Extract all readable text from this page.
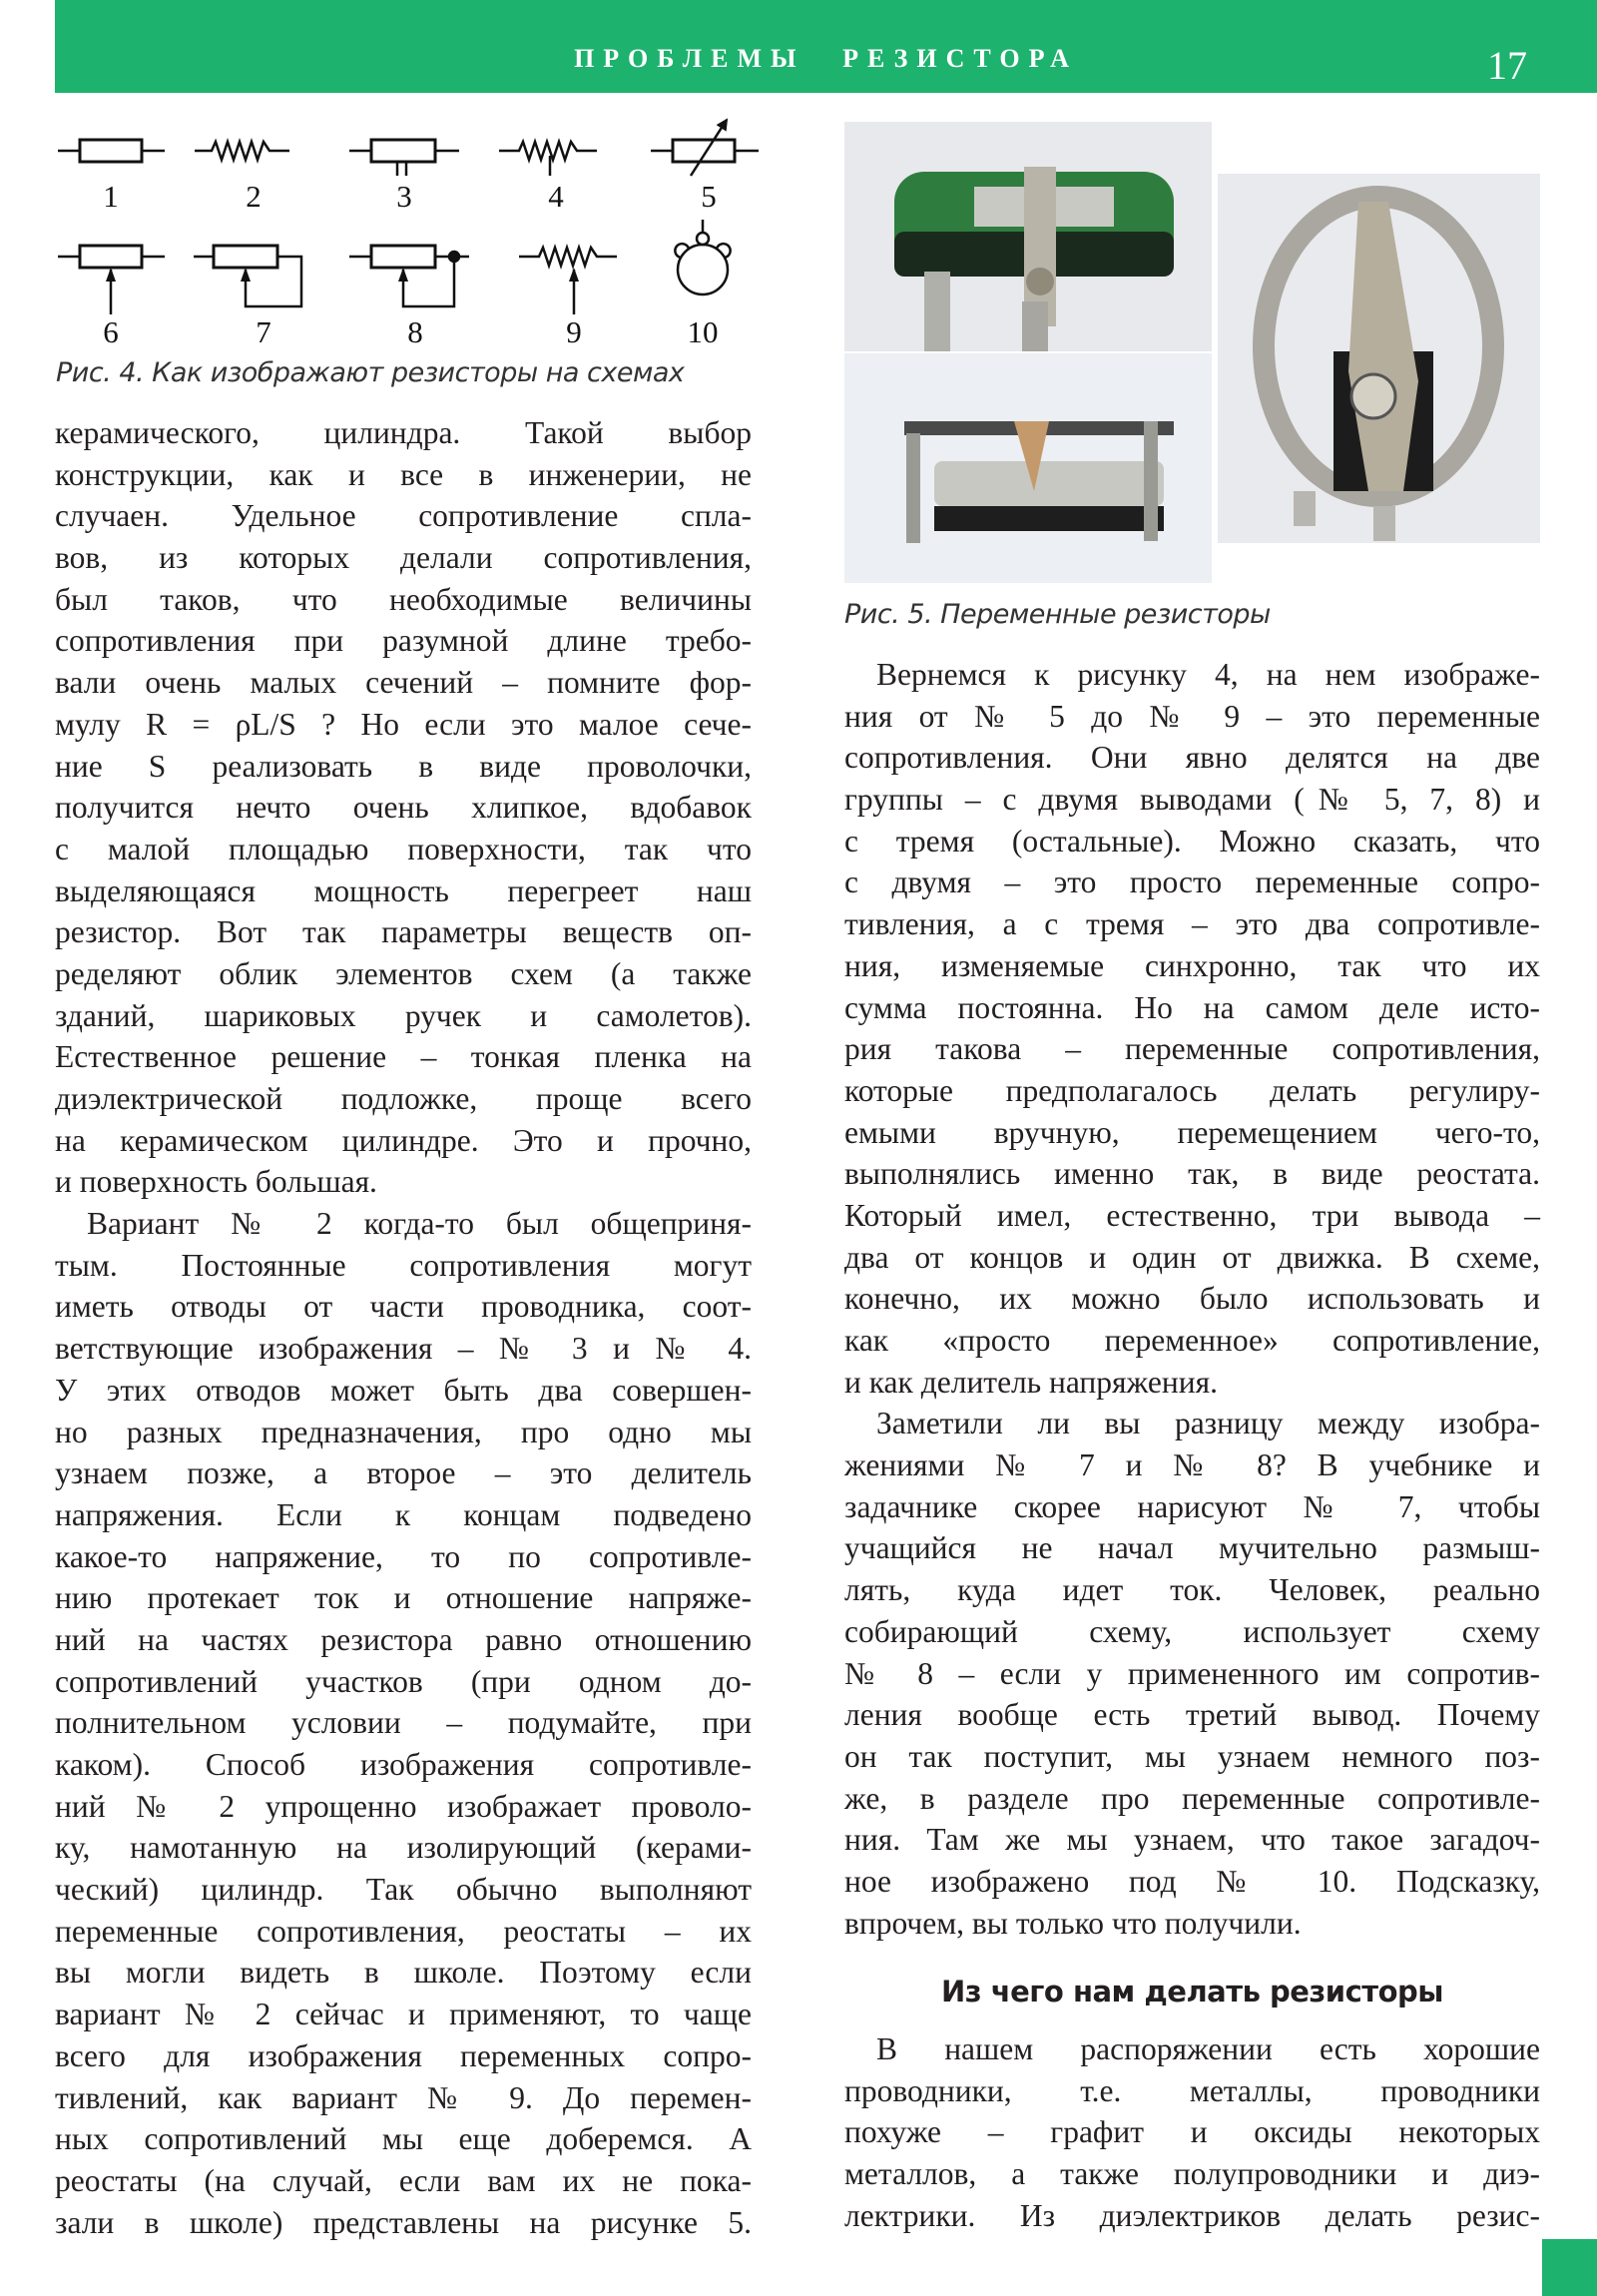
ПРОБЛЕМЫ РЕЗИСТОРА	17
1	2	3	4	5
6	7	8	9	10
Рис. 4. Как изображают резисторы на схемах
Рис. 5. Переменные резисторы
керамического, цилиндра. Такой выбор
конструкции, как и все в инженерии, не
случаен. Удельное сопротивление спла-
вов, из которых делали сопротивления,
был таков, что необходимые величины
сопротивления при разумной длине требо-
вали очень малых сечений – помните фор-
мулу R = ρL/S ? Но если это малое сече-
ние S реализовать в виде проволочки,
получится нечто очень хлипкое, вдобавок
с малой площадью поверхности, так что
выделяющаяся мощность перегреет наш
резистор. Вот так параметры веществ оп-
ределяют облик элементов схем (а также
зданий, шариковых ручек и самолетов).
Естественное решение – тонкая пленка на
диэлектрической подложке, проще всего
на керамическом цилиндре. Это и прочно,
и поверхность большая.
Вариант № 2 когда-то был общеприня-
тым. Постоянные сопротивления могут
иметь отводы от части проводника, соот-
ветствующие изображения – № 3 и № 4.
У этих отводов может быть два совершен-
но разных предназначения, про одно мы
узнаем позже, а второе – это делитель
напряжения. Если к концам подведено
какое-то напряжение, то по сопротивле-
нию протекает ток и отношение напряже-
ний на частях резистора равно отношению
сопротивлений участков (при одном до-
полнительном условии – подумайте, при
каком). Способ изображения сопротивле-
ний № 2 упрощенно изображает проволо-
ку, намотанную на изолирующий (керами-
ческий) цилиндр. Так обычно выполняют
переменные сопротивления, реостаты – их
вы могли видеть в школе. Поэтому если
вариант № 2 сейчас и применяют, то чаще
всего для изображения переменных сопро-
тивлений, как вариант № 9. До перемен-
ных сопротивлений мы еще доберемся. А
реостаты (на случай, если вам их не пока-
зали в школе) представлены на рисунке 5.
Вернемся к рисунку 4, на нем изображе-
ния от № 5 до № 9 – это переменные
сопротивления. Они явно делятся на две
группы – с двумя выводами (№ 5, 7, 8) и
с тремя (остальные). Можно сказать, что
с двумя – это просто переменные сопро-
тивления, а с тремя – это два сопротивле-
ния, изменяемые синхронно, так что их
сумма постоянна. Но на самом деле исто-
рия такова – переменные сопротивления,
которые предполагалось делать регулиру-
емыми вручную, перемещением чего-то,
выполнялись именно так, в виде реостата.
Который имел, естественно, три вывода –
два от концов и один от движка. В схеме,
конечно, их можно было использовать и
как «просто переменное» сопротивление,
и как делитель напряжения.
Заметили ли вы разницу между изобра-
жениями № 7 и № 8? В учебнике и
задачнике скорее нарисуют № 7, чтобы
учащийся не начал мучительно размыш-
лять, куда идет ток. Человек, реально
собирающий схему, использует схему
№ 8 – если у примененного им сопротив-
ления вообще есть третий вывод. Почему
он так поступит, мы узнаем немного поз-
же, в разделе про переменные сопротивле-
ния. Там же мы узнаем, что такое загадоч-
ное изображено под № 10. Подсказку,
впрочем, вы только что получили.
Из чего нам делать резисторы
В нашем распоряжении есть хорошие
проводники, т.е. металлы, проводники
похуже – графит и оксиды некоторых
металлов, а также полупроводники и диэ-
лектрики. Из диэлектриков делать резис-
